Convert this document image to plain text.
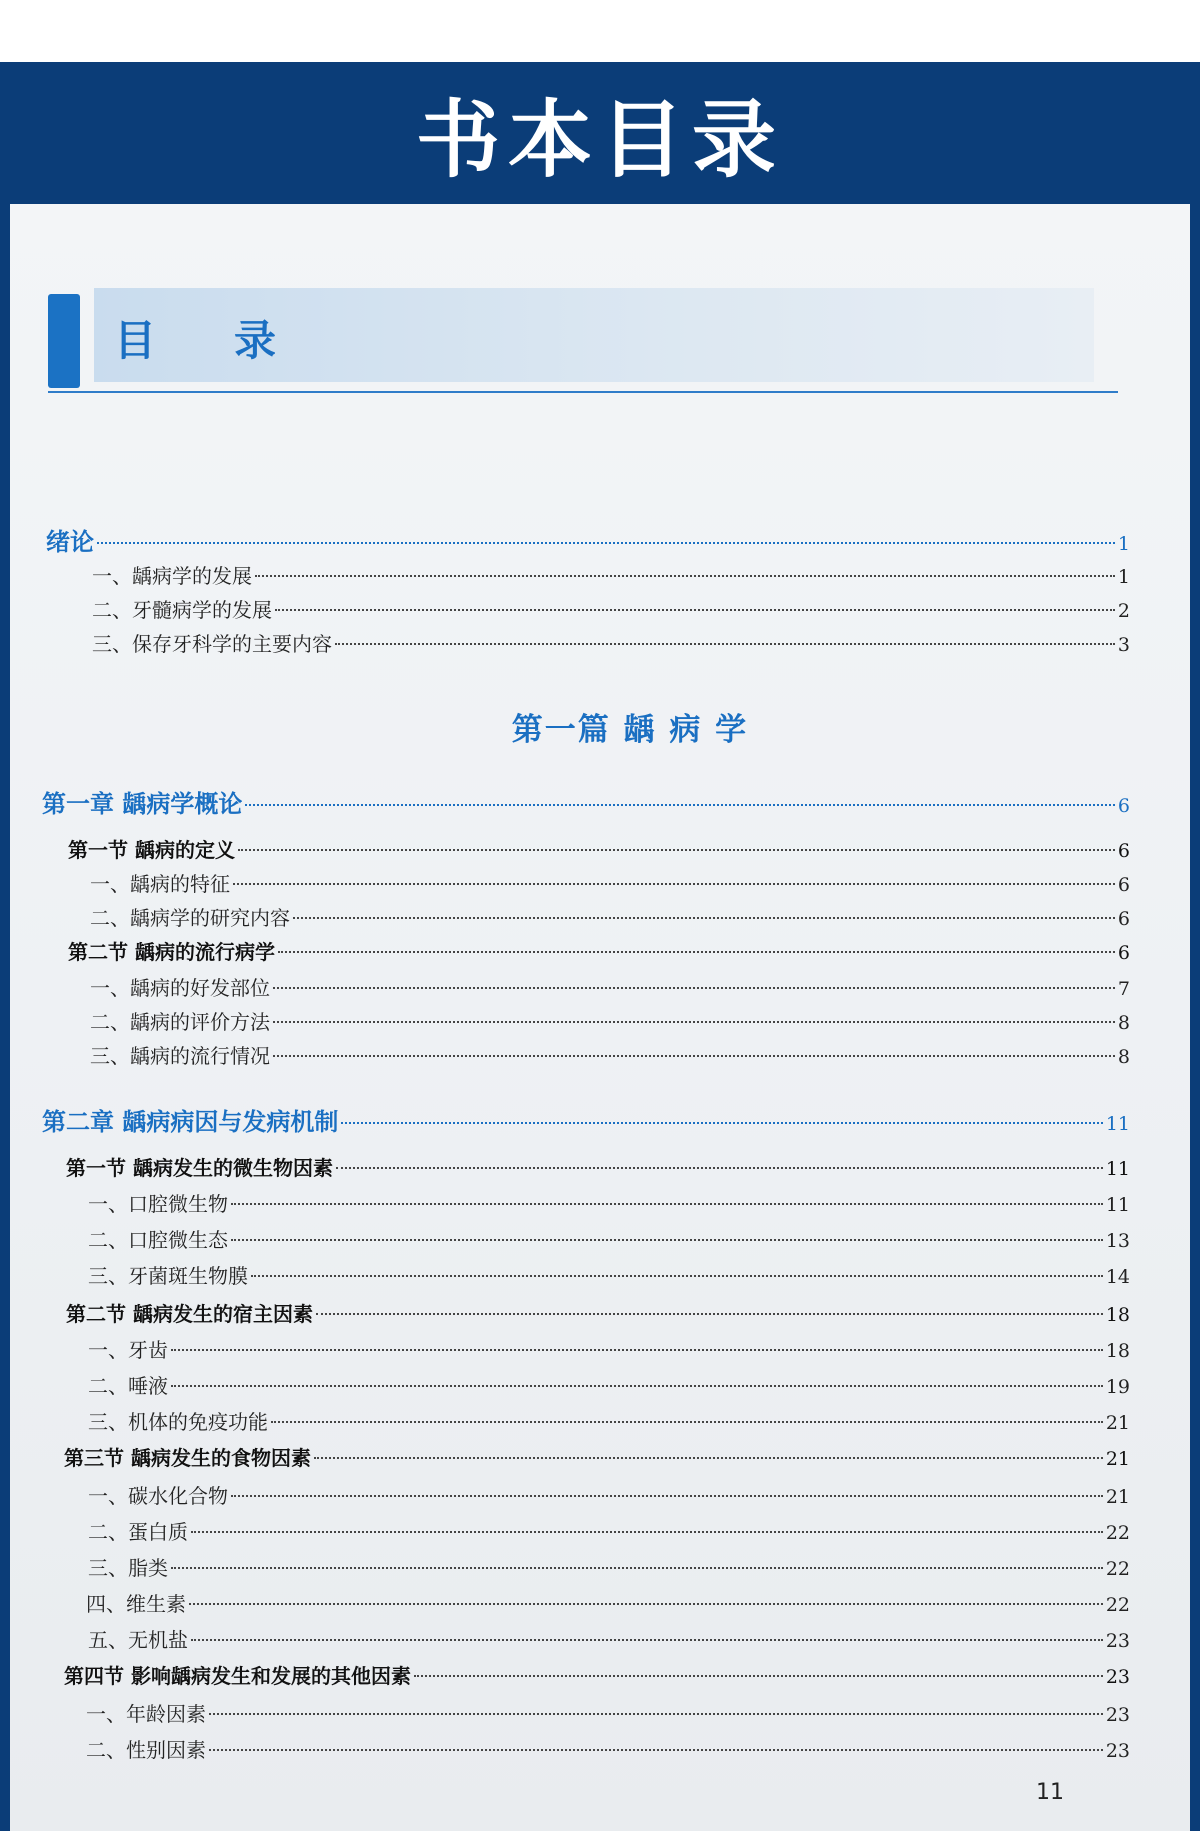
书本目录

目 录
第一篇 龋 病 学
绪论	1
一、龋病学的发展	1
二、牙髓病学的发展	2
三、保存牙科学的主要内容	3
第一章 龋病学概论	6
第一节 龋病的定义	6
一、龋病的特征	6
二、龋病学的研究内容	6
第二节 龋病的流行病学	6
一、龋病的好发部位	7
二、龋病的评价方法	8
三、龋病的流行情况	8
第二章 龋病病因与发病机制	11
第一节 龋病发生的微生物因素	11
一、口腔微生物	11
二、口腔微生态	13
三、牙菌斑生物膜	14
第二节 龋病发生的宿主因素	18
一、牙齿	18
二、唾液	19
三、机体的免疫功能	21
第三节 龋病发生的食物因素	21
一、碳水化合物	21
二、蛋白质	22
三、脂类	22
四、维生素	22
五、无机盐	23
第四节 影响龋病发生和发展的其他因素	23
一、年龄因素	23
二、性别因素	23
11
